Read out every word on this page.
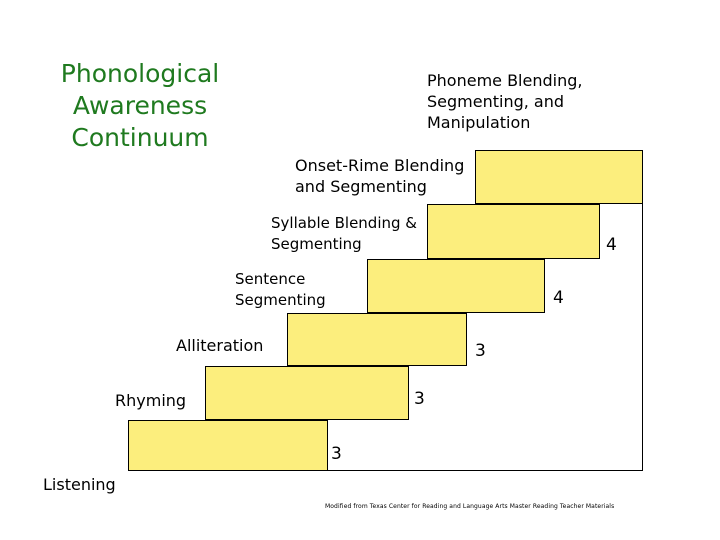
Phonological
Awareness
Continuum
Phoneme Blending,
Segmenting, and
Manipulation
Onset-Rime Blending
and Segmenting
Syllable Blending &
Segmenting
Sentence
Segmenting
Alliteration
Rhyming
Listening
4
4
3
3
3
Modified from Texas Center for Reading and Language Arts Master Reading Teacher Materials
